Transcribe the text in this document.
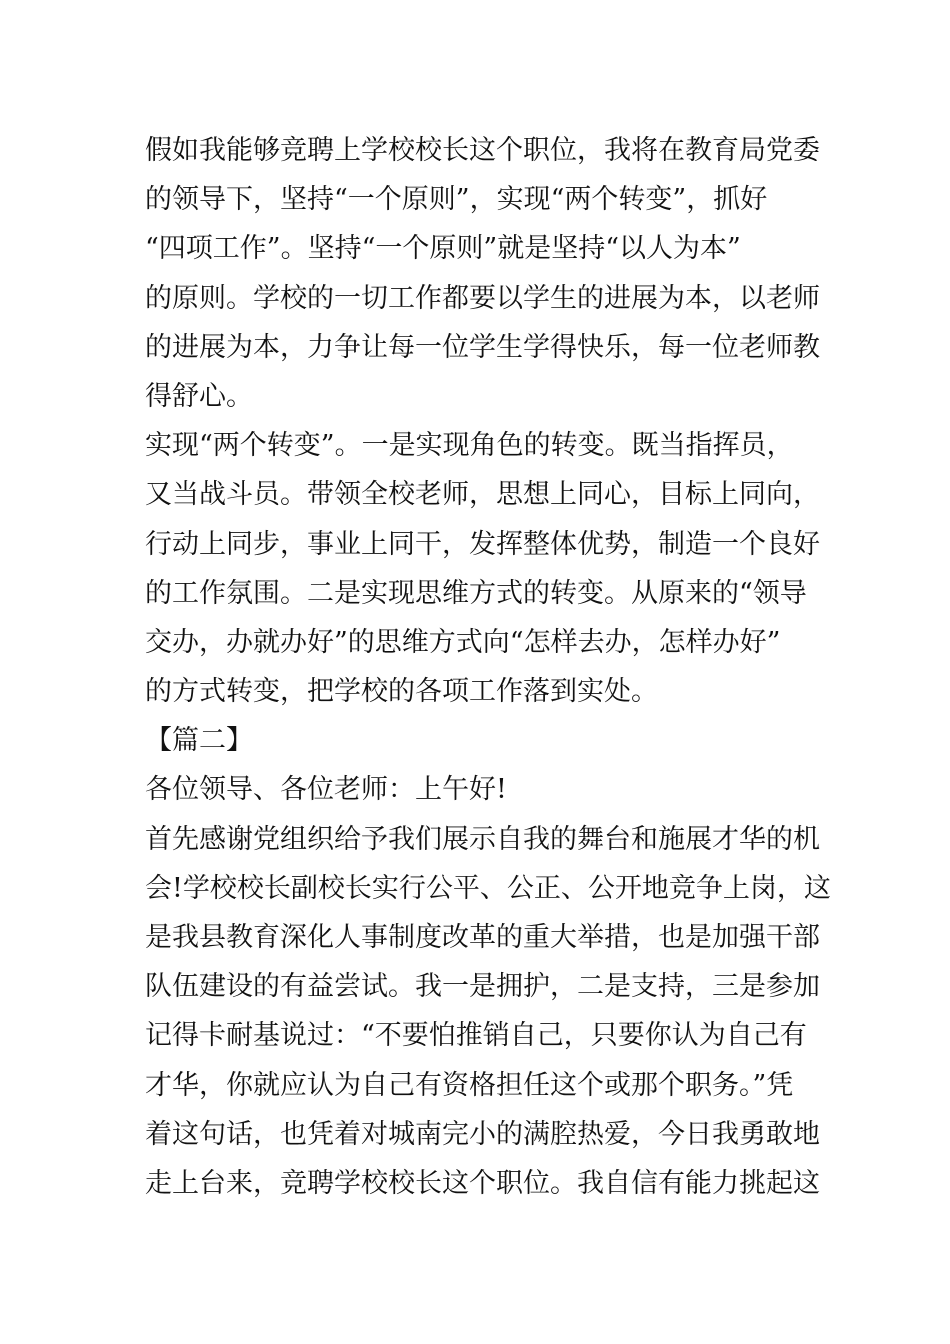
假如我能够竞聘上学校校长这个职位，我将在教育局党委
的领导下，坚持“一个原则”，实现“两个转变”，抓好
“四项工作”。坚持“一个原则”就是坚持“以人为本”
的原则。学校的一切工作都要以学生的进展为本，以老师
的进展为本，力争让每一位学生学得快乐，每一位老师教
得舒心。
实现“两个转变”。一是实现角色的转变。既当指挥员，
又当战斗员。带领全校老师，思想上同心，目标上同向，
行动上同步，事业上同干，发挥整体优势，制造一个良好
的工作氛围。二是实现思维方式的转变。从原来的“领导
交办，办就办好”的思维方式向“怎样去办，怎样办好”
的方式转变，把学校的各项工作落到实处。
【篇二】
各位领导、各位老师：上午好!
首先感谢党组织给予我们展示自我的舞台和施展才华的机
会!学校校长副校长实行公平、公正、公开地竞争上岗，这
是我县教育深化人事制度改革的重大举措，也是加强干部
队伍建设的有益尝试。我一是拥护，二是支持，三是参加
记得卡耐基说过：“不要怕推销自己，只要你认为自己有
才华，你就应认为自己有资格担任这个或那个职务。”凭
着这句话，也凭着对城南完小的满腔热爱，今日我勇敢地
走上台来，竞聘学校校长这个职位。我自信有能力挑起这
